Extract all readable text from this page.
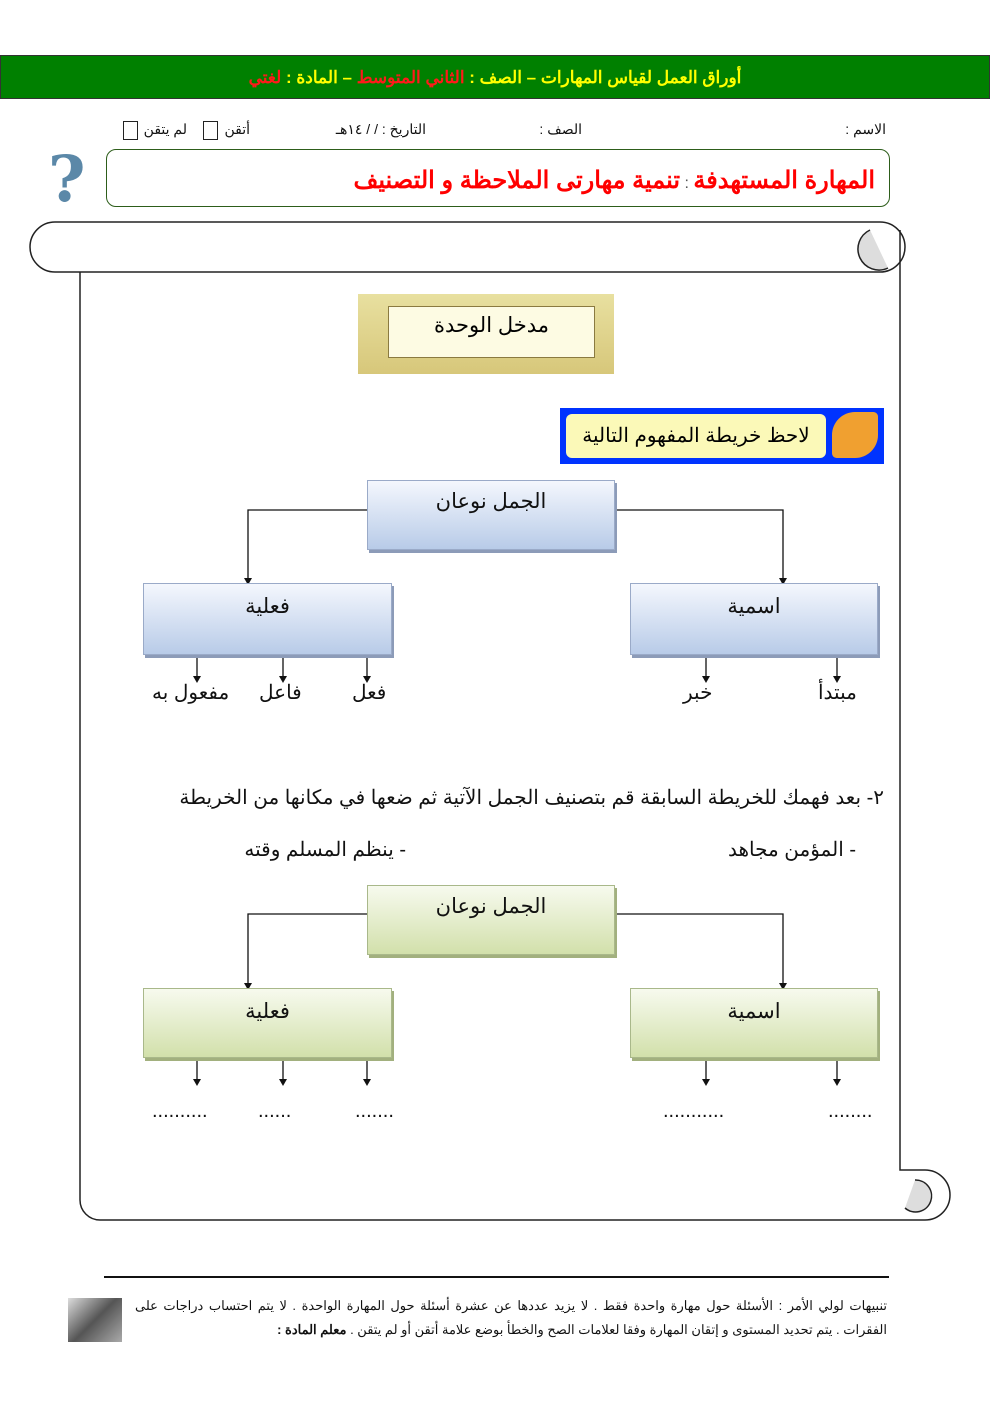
أوراق العمل لقياس المهارات – الصف : الثاني المتوسط – المادة : لغتي
الاسم :
الصف :
التاريخ : / / ١٤هـ
أتقن
لم يتقن
?	المهارة المستهدفة : تنمية مهارتى الملاحظة و التصنيف
مدخل الوحدة
لاحظ خريطة المفهوم التالية
الجمل نوعان
فعلية	اسمية
فعل
فاعل
مفعول به	مبتدأ
خبر
٢- بعد فهمك للخريطة السابقة قم بتصنيف الجمل الآتية ثم ضعها في مكانها من الخريطة
- المؤمن مجاهد
- ينظم المسلم وقته
الجمل نوعان
فعلية	اسمية
.......
......
..........	........
...........
تنبيهات لولي الأمر : الأسئلة حول مهارة واحدة فقط . لا يزيد عددها عن عشرة أسئلة حول المهارة الواحدة . لا يتم احتساب دراجات على الفقرات . يتم تحديد المستوى و إتقان المهارة وفقا لعلامات الصح والخطأ بوضع علامة أتقن أو لم يتقن . معلم المادة :
